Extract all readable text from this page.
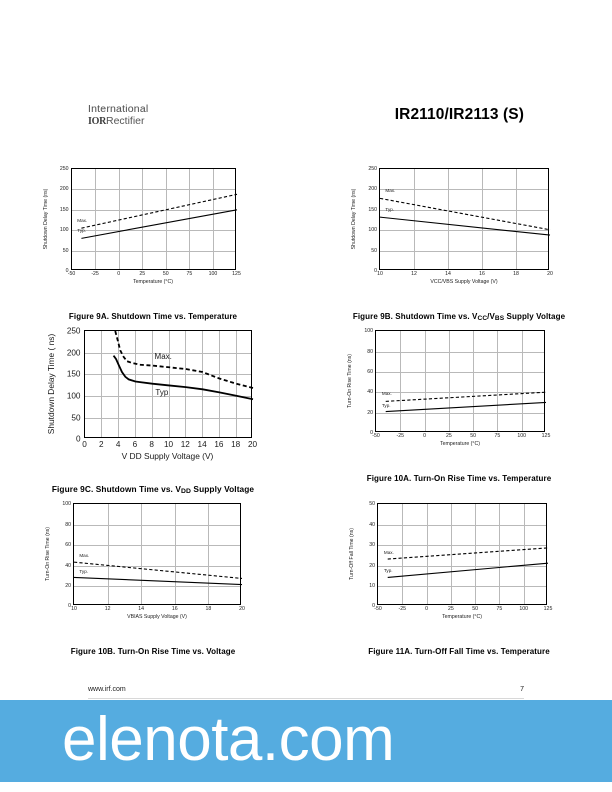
International
IORRectifier	IR2110/IR2113 (S)
0
50
100
150
200
250
-50	-25	0	25	50	75	100	125
Temperature (°C)
Shutdown Delay Time (ns)	Max.
Typ.
Figure 9A. Shutdown Time vs. Temperature
0
50
100
150
200
250
10	12	14	16	18	20
VCC/VBS Supply Voltage (V)
Shutdown Delay Time (ns)	Max.
Typ.
Figure 9B. Shutdown Time vs. $V_{CC}/V_{BS}$ Supply Voltage
0
50
100
150
200
250
0 2 4 6 8 10 12 14 16 18 20
V DD Supply Voltage (V)
Shutdown Delay Time ( ns)	Max.
Typ
Figure 9C. Shutdown Time vs. $V_{DD}$ Supply Voltage
0
20
40
60
80
100
-50	-25	0	25	50	75	100	125
Temperature (°C)
Turn-On Rise Time (ns)	Max.
Typ.
Figure 10A. Turn-On Rise Time vs. Temperature
0
20
40
60
80
100
10	12	14	16	18	20
VBIAS Supply Voltage (V)
Turn-On Rise Time (ns)	Max.
Typ.
Figure 10B. Turn-On Rise Time vs. Voltage
0
10
20
30
40
50
-50	-25	0	25	50	75	100	125
Temperature (°C)
Turn-Off Fall Time (ns)	Max.
Typ.
Figure 11A. Turn-Off Fall Time vs. Temperature
www.irf.com	7
elenota.com
